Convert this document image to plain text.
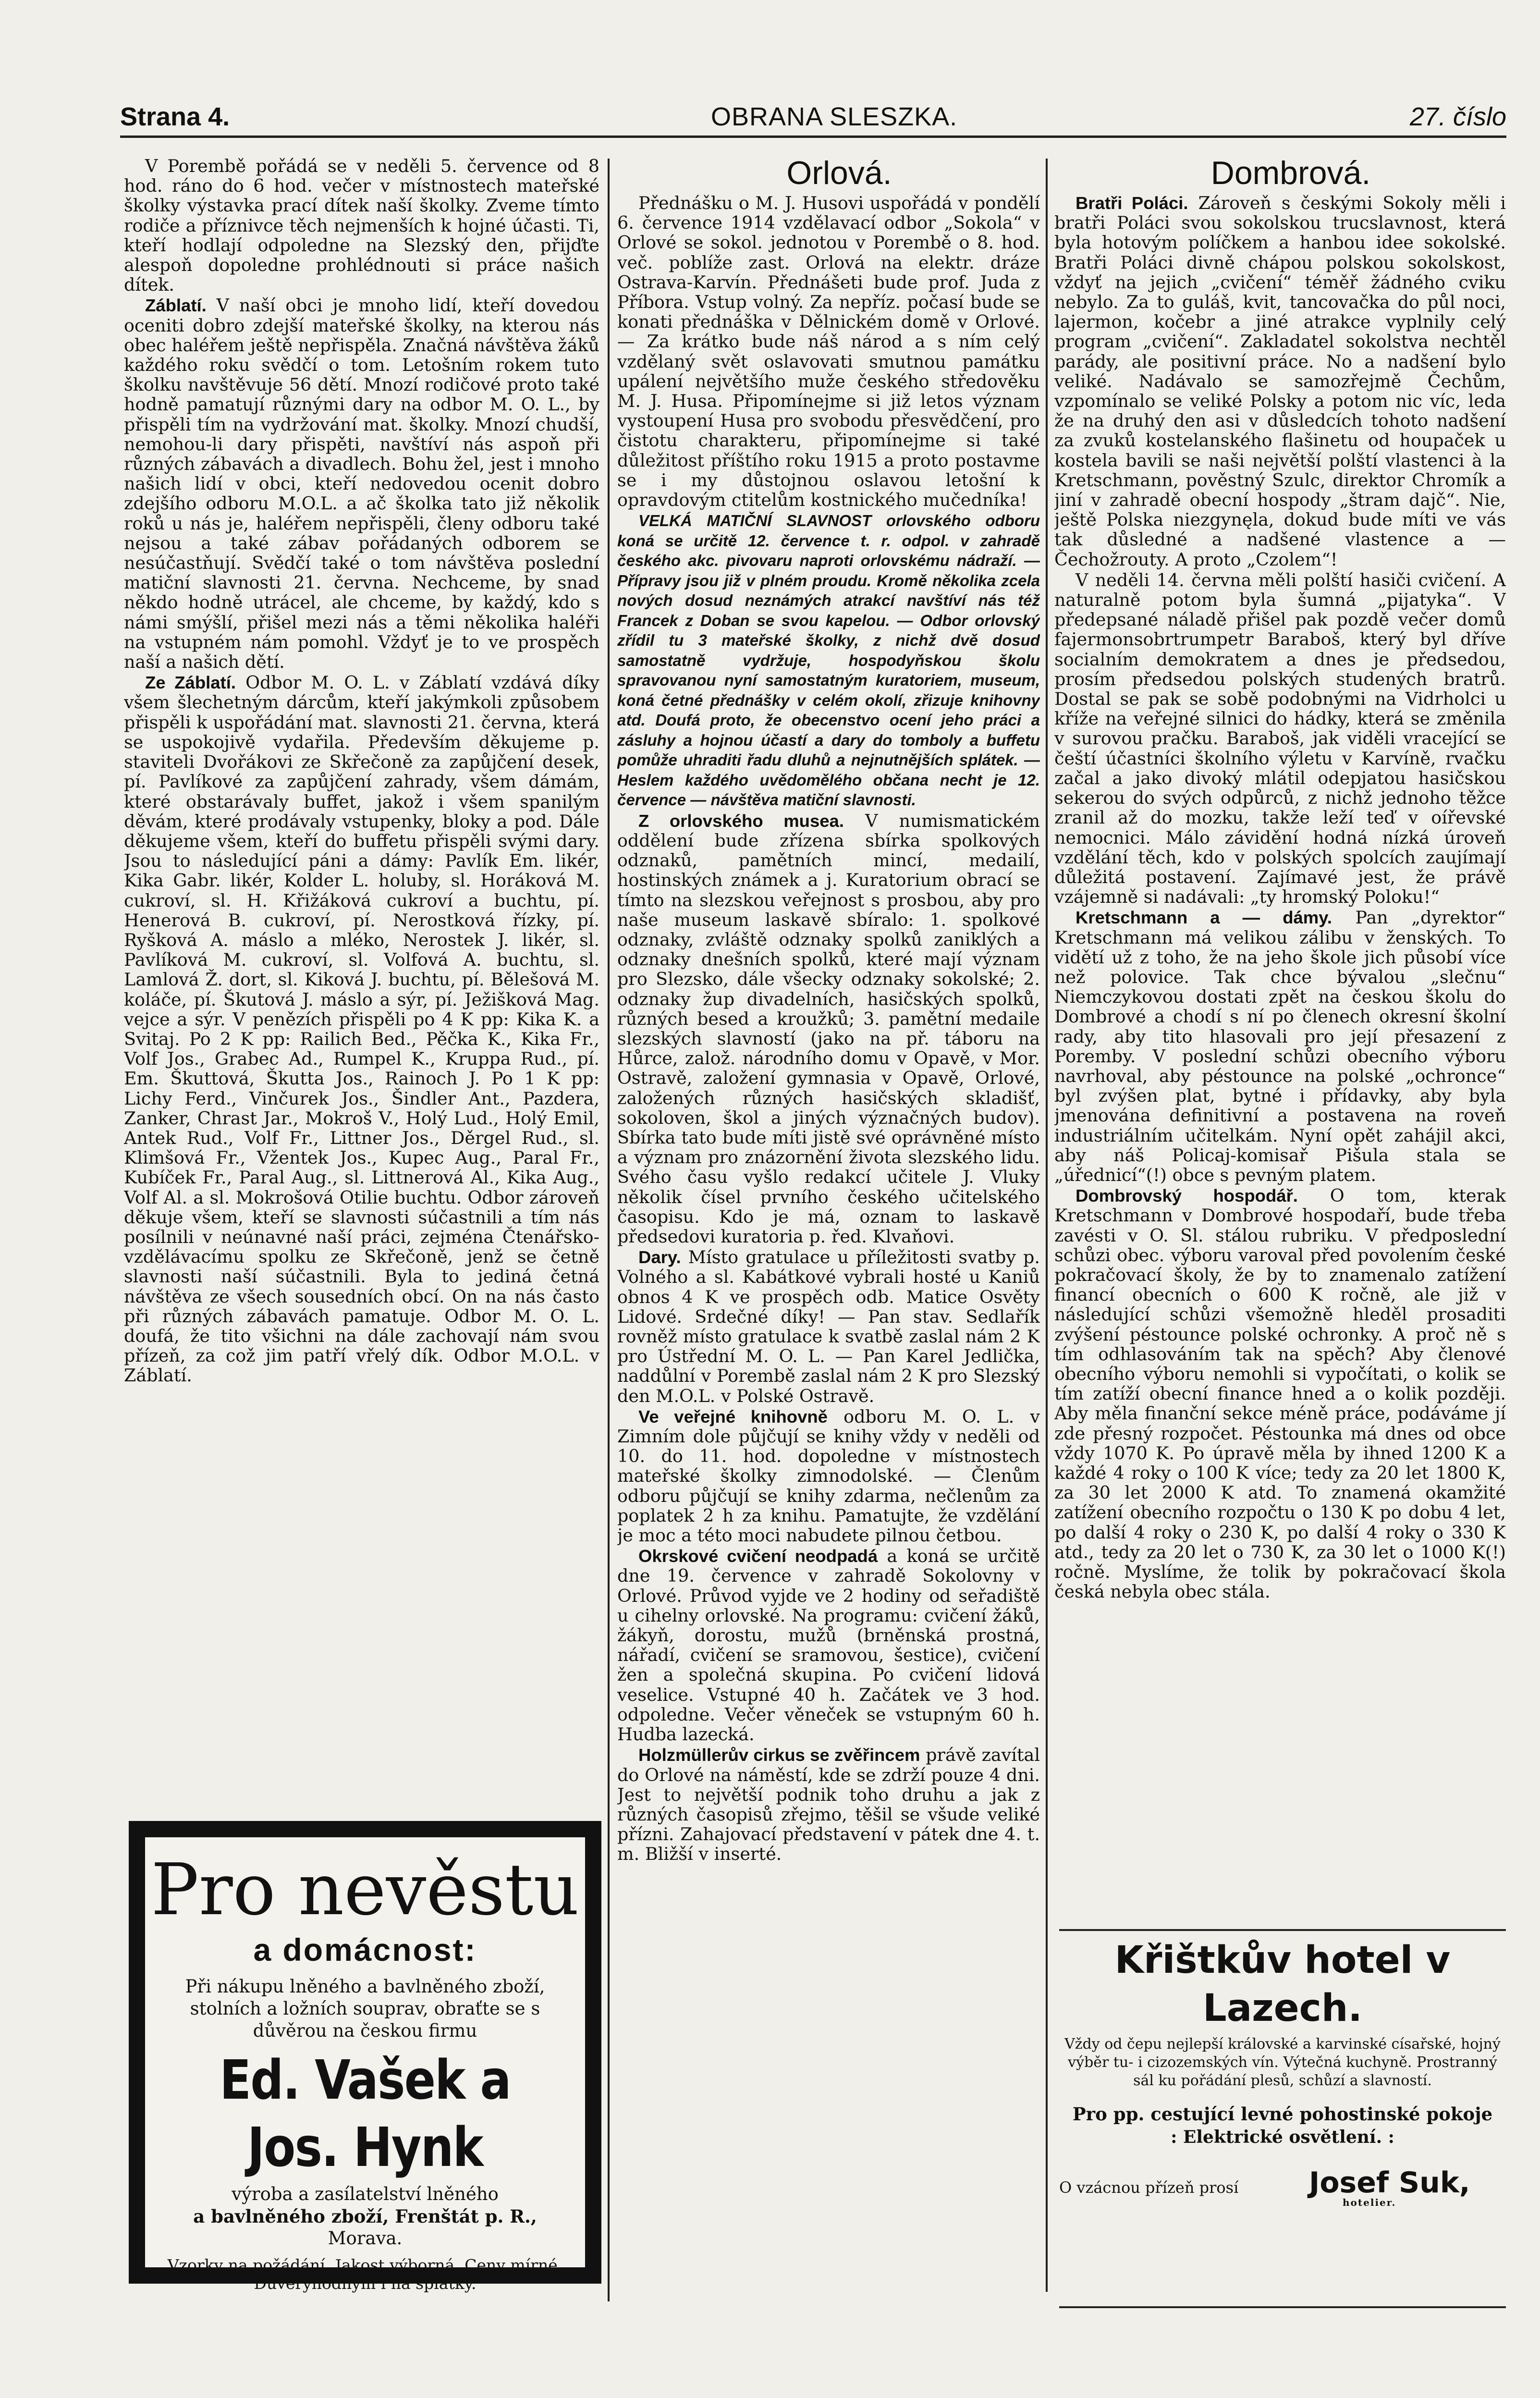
Strana 4.	OBRANA SLESZKA.	27. číslo

V Porembě pořádá se v neděli 5. července od 8 hod. ráno do 6 hod. večer v místnostech mateřské školky výstavka prací dítek naší školky. Zveme tímto rodiče a příznivce těch nejmenších k hojné účasti. Ti, kteří hodlají odpoledne na Slezský den, přijďte alespoň dopoledne prohlédnouti si práce našich dítek.

Záblatí. V naší obci je mnoho lidí, kteří dovedou oceniti dobro zdejší mateřské školky, na kterou nás obec haléřem ještě nepřispěla. Značná návštěva žáků každého roku svědčí o tom. Letošním rokem tuto školku navštěvuje 56 dětí. Mnozí rodičové proto také hodně pamatují různými dary na odbor M. O. L., by přispěli tím na vydržování mat. školky. Mnozí chudší, nemohou-li dary přispěti, navštíví nás aspoň při různých zábavách a divadlech. Bohu žel, jest i mnoho našich lidí v obci, kteří nedovedou ocenit dobro zdejšího odboru M.O.L. a ač školka tato již několik roků u nás je, haléřem nepřispěli, členy odboru také nejsou a také zábav pořádaných odborem se nesúčastňují. Svědčí také o tom návštěva poslední matiční slavnosti 21. června. Nechceme, by snad někdo hodně utrácel, ale chceme, by každý, kdo s námi smýšlí, přišel mezi nás a těmi několika haléři na vstupném nám pomohl. Vždyť je to ve prospěch naší a našich dětí.

Ze Záblatí. Odbor M. O. L. v Záblatí vzdává díky všem šlechetným dárcům, kteří jakýmkoli způsobem přispěli k uspořádání mat. slavnosti 21. června, která se uspokojivě vydařila. Především děkujeme p. staviteli Dvořákovi ze Skřečoně za zapůjčení desek, pí. Pavlíkové za zapůjčení zahrady, všem dámám, které obstarávaly buffet, jakož i všem spanilým děvám, které prodávaly vstupenky, bloky a pod. Dále děkujeme všem, kteří do buffetu přispěli svými dary. Jsou to následující páni a dámy: Pavlík Em. likér, Kika Gabr. likér, Kolder L. holuby, sl. Horáková M. cukroví, sl. H. Křižáková cukroví a buchtu, pí. Henerová B. cukroví, pí. Nerostková řízky, pí. Ryšková A. máslo a mléko, Nerostek J. likér, sl. Pavlíková M. cukroví, sl. Volfová A. buchtu, sl. Lamlová Ž. dort, sl. Kiková J. buchtu, pí. Bělešová M. koláče, pí. Škutová J. máslo a sýr, pí. Ježišková Mag. vejce a sýr. V penězích přispěli po 4 K pp: Kika K. a Svitaj. Po 2 K pp: Railich Bed., Pěčka K., Kika Fr., Volf Jos., Grabec Ad., Rumpel K., Kruppa Rud., pí. Em. Škuttová, Škutta Jos., Rainoch J. Po 1 K pp: Lichy Ferd., Vinčurek Jos., Šindler Ant., Pazdera, Zanker, Chrast Jar., Mokroš V., Holý Lud., Holý Emil, Antek Rud., Volf Fr., Littner Jos., Děrgel Rud., sl. Klimšová Fr., Vžentek Jos., Kupec Aug., Paral Fr., Kubíček Fr., Paral Aug., sl. Littnerová Al., Kika Aug., Volf Al. a sl. Mokrošová Otilie buchtu. Odbor zároveň děkuje všem, kteří se slavnosti súčastnili a tím nás posílnili v neúnavné naší práci, zejména Čtenářsko-vzdělávacímu spolku ze Skřečoně, jenž se četně slavnosti naší súčastnili. Byla to jediná četná návštěva ze všech sousedních obcí. On na nás často při různých zábavách pamatuje. Odbor M. O. L. doufá, že tito všichni na dále zachovají nám svou přízeň, za což jim patří vřelý dík. Odbor M.O.L. v Záblatí.

Pro nevěstu
a domácnost:
Při nákupu lněného a bavlněného zboží, stolních a ložních souprav, obraťte se s důvěrou na českou firmu
Ed. Vašek a Jos. Hynk
výroba a zasílatelství lněného
a bavlněného zboží, Frenštát p. R.,
Morava.
Vzorky na požádání. Jakost výborná. Ceny mírné.
Důvěryhodným i na splátky.

Orlová.

Přednášku o M. J. Husovi uspořádá v pondělí 6. července 1914 vzdělavací odbor „Sokola“ v Orlové se sokol. jednotou v Porembě o 8. hod. več. poblíže zast. Orlová na elektr. dráze Ostrava-Karvín. Přednášeti bude prof. Juda z Příbora. Vstup volný. Za nepříz. počasí bude se konati přednáška v Dělnickém domě v Orlové. — Za krátko bude náš národ a s ním celý vzdělaný svět oslavovati smutnou památku upálení největšího muže českého středověku M. J. Husa. Připomínejme si již letos význam vystoupení Husa pro svobodu přesvědčení, pro čistotu charakteru, připomínejme si také důležitost příštího roku 1915 a proto postavme se i my důstojnou oslavou letošní k opravdovým ctitelům kostnického mučedníka!

VELKÁ MATIČNÍ SLAVNOST orlovského odboru koná se určitě 12. července t. r. odpol. v zahradě českého akc. pivovaru naproti orlovskému nádraží. — Přípravy jsou již v plném proudu. Kromě několika zcela nových dosud neznámých atrakcí navštíví nás též Francek z Doban se svou kapelou. — Odbor orlovský zřídil tu 3 mateřské školky, z nichž dvě dosud samostatně vydržuje, hospodyňskou školu spravovanou nyní samostatným kuratoriem, museum, koná četné přednášky v celém okolí, zřizuje knihovny atd. Doufá proto, že obecenstvo ocení jeho práci a zásluhy a hojnou účastí a dary do tomboly a buffetu pomůže uhraditi řadu dluhů a nejnutnějších splátek. — Heslem každého uvědomělého občana necht je 12. července — návštěva matiční slavnosti.

Z orlovského musea. V numismatickém oddělení bude zřízena sbírka spolkových odznaků, pamětních mincí, medailí, hostinských známek a j. Kuratorium obrací se tímto na slezskou veřejnost s prosbou, aby pro naše museum laskavě sbíralo: 1. spolkové odznaky, zvláště odznaky spolků zaniklých a odznaky dnešních spolků, které mají význam pro Slezsko, dále všecky odznaky sokolské; 2. odznaky žup divadelních, hasičských spolků, různých besed a kroužků; 3. pamětní medaile slezských slavností (jako na př. táboru na Hůrce, založ. národního domu v Opavě, v Mor. Ostravě, založení gymnasia v Opavě, Orlové, založených různých hasičských skladišť, sokoloven, škol a jiných význačných budov). Sbírka tato bude míti jistě své oprávněné místo a význam pro znázornění života slezského lidu. Svého času vyšlo redakcí učitele J. Vluky několik čísel prvního českého učitelského časopisu. Kdo je má, oznam to laskavě předsedovi kuratoria p. řed. Klvaňovi.

Dary. Místo gratulace u příležitosti svatby p. Volného a sl. Kabátkové vybrali hosté u Kaniů obnos 4 K ve prospěch odb. Matice Osvěty Lidové. Srdečné díky! — Pan stav. Sedlařík rovněž místo gratulace k svatbě zaslal nám 2 K pro Ústřední M. O. L. — Pan Karel Jedlička, naddůlní v Porembě zaslal nám 2 K pro Slezský den M.O.L. v Polské Ostravě.

Ve veřejné knihovně odboru M. O. L. v Zimním dole půjčují se knihy vždy v neděli od 10. do 11. hod. dopoledne v místnostech mateřské školky zimnodolské. — Členům odboru půjčují se knihy zdarma, nečlenům za poplatek 2 h za knihu. Pamatujte, že vzdělání je moc a této moci nabudete pilnou četbou.

Okrskové cvičení neodpadá a koná se určitě dne 19. července v zahradě Sokolovny v Orlové. Průvod vyjde ve 2 hodiny od seřadiště u cihelny orlovské. Na programu: cvičení žáků, žákyň, dorostu, mužů (brněnská prostná, nářadí, cvičení se sramovou, šestice), cvičení žen a společná skupina. Po cvičení lidová veselice. Vstupné 40 h. Začátek ve 3 hod. odpoledne. Večer věneček se vstupným 60 h. Hudba lazecká.

Holzmüllerův cirkus se zvěřincem právě zavítal do Orlové na náměstí, kde se zdrží pouze 4 dni. Jest to největší podnik toho druhu a jak z různých časopisů zřejmo, těšil se všude veliké přízni. Zahajovací představení v pátek dne 4. t. m. Bližší v inserté.

Dombrová.

Bratři Poláci. Zároveň s českými Sokoly měli i bratři Poláci svou sokolskou trucslavnost, která byla hotovým políčkem a hanbou idee sokolské. Bratři Poláci divně chápou polskou sokolskost, vždyť na jejich „cvičení“ téměř žádného cviku nebylo. Za to guláš, kvit, tancovačka do půl noci, lajermon, kočebr a jiné atrakce vyplnily celý program „cvičení“. Zakladatel sokolstva nechtěl parády, ale positivní práce. No a nadšení bylo veliké. Nadávalo se samozřejmě Čechům, vzpomínalo se veliké Polsky a potom nic víc, leda že na druhý den asi v důsledcích tohoto nadšení za zvuků kostelanského flašinetu od houpaček u kostela bavili se naši největší polští vlastenci à la Kretschmann, pověstný Szulc, direktor Chromík a jiní v zahradě obecní hospody „štram dajč“. Nie, ještě Polska niezgynęla, dokud bude míti ve vás tak důsledné a nadšené vlastence a — Čechožrouty. A proto „Czolem“!

V neděli 14. června měli polští hasiči cvičení. A naturalně potom byla šumná „pijatyka“. V předepsané náladě přišel pak pozdě večer domů fajermonsobrtrumpetr Baraboš, který byl dříve socialním demokratem a dnes je předsedou, prosím předsedou polských studených bratrů. Dostal se pak se sobě podobnými na Vidrholci u kříže na veřejné silnici do hádky, která se změnila v surovou pračku. Baraboš, jak viděli vracející se čeští účastníci školního výletu v Karvíně, rvačku začal a jako divoký mlátil odepjatou hasičskou sekerou do svých odpůrců, z nichž jednoho těžce zranil až do mozku, takže leží teď v oířevské nemocnici. Málo závidění hodná nízká úroveň vzdělání těch, kdo v polských spolcích zaujímají důležitá postavení. Zajímavé jest, že právě vzájemně si nadávali: „ty hromský Poloku!“

Kretschmann a — dámy. Pan „dyrektor“ Kretschmann má velikou zálibu v ženských. To vidětí už z toho, že na jeho škole jich působí více než polovice. Tak chce bývalou „slečnu“ Niemczykovou dostati zpět na českou školu do Dombrové a chodí s ní po členech okresní školní rady, aby tito hlasovali pro její přesazení z Poremby. V poslední schůzi obecního výboru navrhoval, aby péstounce na polské „ochronce“ byl zvýšen plat, bytné i přídavky, aby byla jmenována definitivní a postavena na roveň industriálním učitelkám. Nyní opět zahájil akci, aby náš Policaj-komisař Pišula stala se „úřednicí“(!) obce s pevným platem.

Dombrovský hospodář. O tom, kterak Kretschmann v Dombrové hospodaří, bude třeba zavésti v O. Sl. stálou rubriku. V předposlední schůzi obec. výboru varoval před povolením české pokračovací školy, že by to znamenalo zatížení financí obecních o 600 K ročně, ale již v následující schůzi všemožně hleděl prosaditi zvýšení péstounce polské ochronky. A proč ně s tím odhlasováním tak na spěch? Aby členové obecního výboru nemohli si vypočítati, o kolik se tím zatíží obecní finance hned a o kolik později. Aby měla finanční sekce méně práce, podáváme jí zde přesný rozpočet. Péstounka má dnes od obce vždy 1070 K. Po úpravě měla by ihned 1200 K a každé 4 roky o 100 K více; tedy za 20 let 1800 K, za 30 let 2000 K atd. To znamená okamžité zatížení obecního rozpočtu o 130 K po dobu 4 let, po další 4 roky o 230 K, po další 4 roky o 330 K atd., tedy za 20 let o 730 K, za 30 let o 1000 K(!) ročně. Myslíme, že tolik by pokračovací škola česká nebyla obec stála.

Křištkův hotel v Lazech.
Vždy od čepu nejlepší královské a karvinské císařské, hojný výběr tu- i cizozemských vín. Výtečná kuchyně. Prostranný sál ku pořádání plesů, schůzí a slavností.
Pro pp. cestující levné pohostinské pokoje
: Elektrické osvětlení. :
O vzácnou přízeň prosí Josef Suk,
hotelier.
